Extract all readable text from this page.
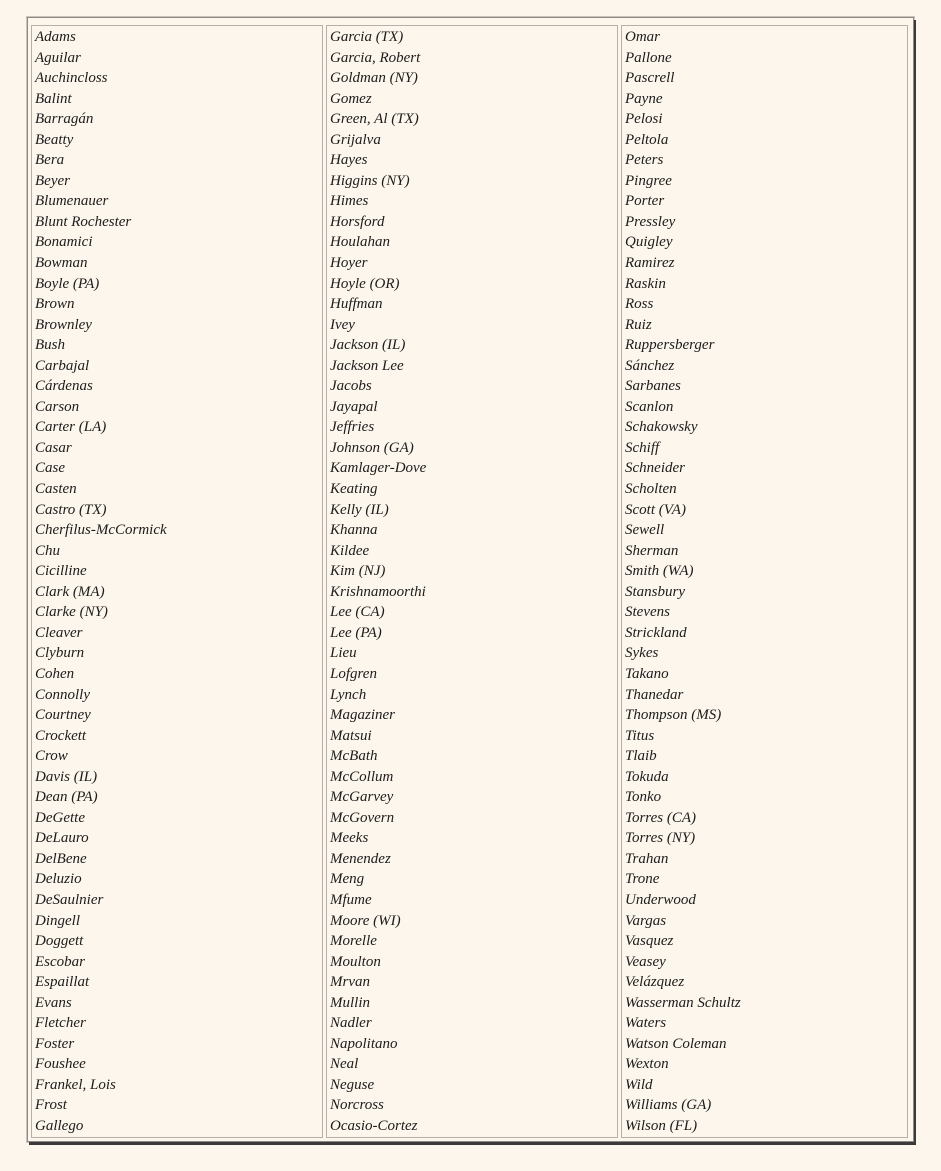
Adams
Aguilar
Auchincloss
Balint
Barragán
Beatty
Bera
Beyer
Blumenauer
Blunt Rochester
Bonamici
Bowman
Boyle (PA)
Brown
Brownley
Bush
Carbajal
Cárdenas
Carson
Carter (LA)
Casar
Case
Casten
Castro (TX)
Cherfilus-McCormick
Chu
Cicilline
Clark (MA)
Clarke (NY)
Cleaver
Clyburn
Cohen
Connolly
Courtney
Crockett
Crow
Davis (IL)
Dean (PA)
DeGette
DeLauro
DelBene
Deluzio
DeSaulnier
Dingell
Doggett
Escobar
Espaillat
Evans
Fletcher
Foster
Foushee
Frankel, Lois
Frost
Gallego
Garcia (TX)
Garcia, Robert
Goldman (NY)
Gomez
Green, Al (TX)
Grijalva
Hayes
Higgins (NY)
Himes
Horsford
Houlahan
Hoyer
Hoyle (OR)
Huffman
Ivey
Jackson (IL)
Jackson Lee
Jacobs
Jayapal
Jeffries
Johnson (GA)
Kamlager-Dove
Keating
Kelly (IL)
Khanna
Kildee
Kim (NJ)
Krishnamoorthi
Lee (CA)
Lee (PA)
Lieu
Lofgren
Lynch
Magaziner
Matsui
McBath
McCollum
McGarvey
McGovern
Meeks
Menendez
Meng
Mfume
Moore (WI)
Morelle
Moulton
Mrvan
Mullin
Nadler
Napolitano
Neal
Neguse
Norcross
Ocasio-Cortez
Omar
Pallone
Pascrell
Payne
Pelosi
Peltola
Peters
Pingree
Porter
Pressley
Quigley
Ramirez
Raskin
Ross
Ruiz
Ruppersberger
Sánchez
Sarbanes
Scanlon
Schakowsky
Schiff
Schneider
Scholten
Scott (VA)
Sewell
Sherman
Smith (WA)
Stansbury
Stevens
Strickland
Sykes
Takano
Thanedar
Thompson (MS)
Titus
Tlaib
Tokuda
Tonko
Torres (CA)
Torres (NY)
Trahan
Trone
Underwood
Vargas
Vasquez
Veasey
Velázquez
Wasserman Schultz
Waters
Watson Coleman
Wexton
Wild
Williams (GA)
Wilson (FL)
